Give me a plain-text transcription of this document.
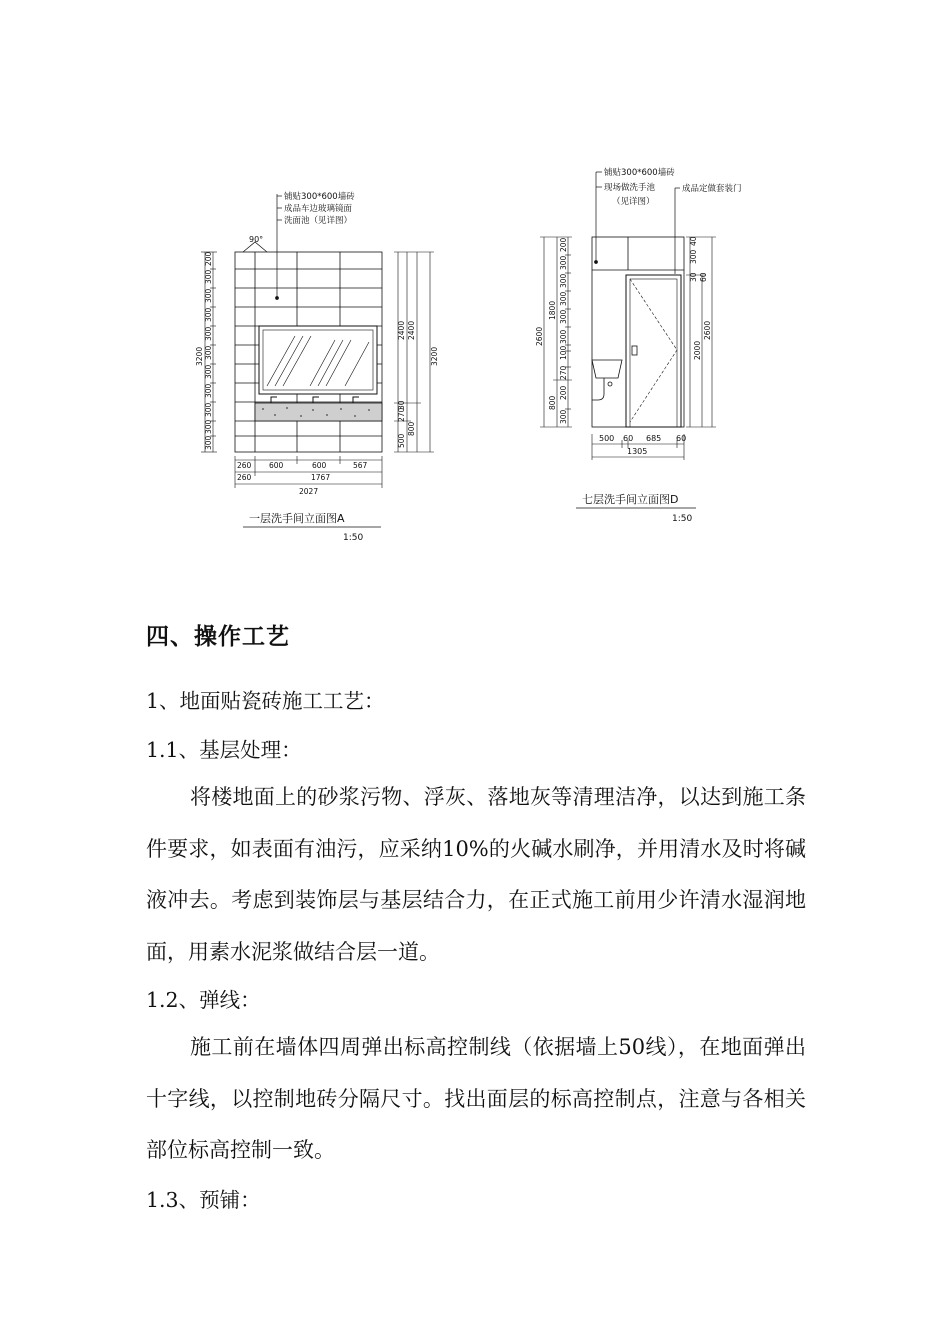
铺贴300*600墙砖
成品车边玻璃镜面
洗面池（见详图）
90°
200
300
300
300
300
300
300
300
300
300
300
3200
2400 2400
3200
30
270
500
800
260 600	600	567
260	1767
2027
一层洗手间立面图A
1:50
铺贴300*600墙砖
现场做洗手池
（见详图）
成品定做套装门
200
300
300
300
300
300
100
270
200
300
2600
1800
800
40
300
60
30
2000
2600
500 60 685 60
1305
七层洗手间立面图D
1:50
四、操作工艺
1、地面贴瓷砖施工工艺：
1.1、基层处理：
将楼地面上的砂浆污物、浮灰、落地灰等清理洁净，以达到施工条件要求，如表面有油污，应采纳10%的火碱水刷净，并用清水及时将碱液冲去。考虑到装饰层与基层结合力，在正式施工前用少许清水湿润地面，用素水泥浆做结合层一道。
1.2、弹线：
施工前在墙体四周弹出标高控制线（依据墙上50线），在地面弹出十字线，以控制地砖分隔尺寸。找出面层的标高控制点，注意与各相关部位标高控制一致。
1.3、预铺：
